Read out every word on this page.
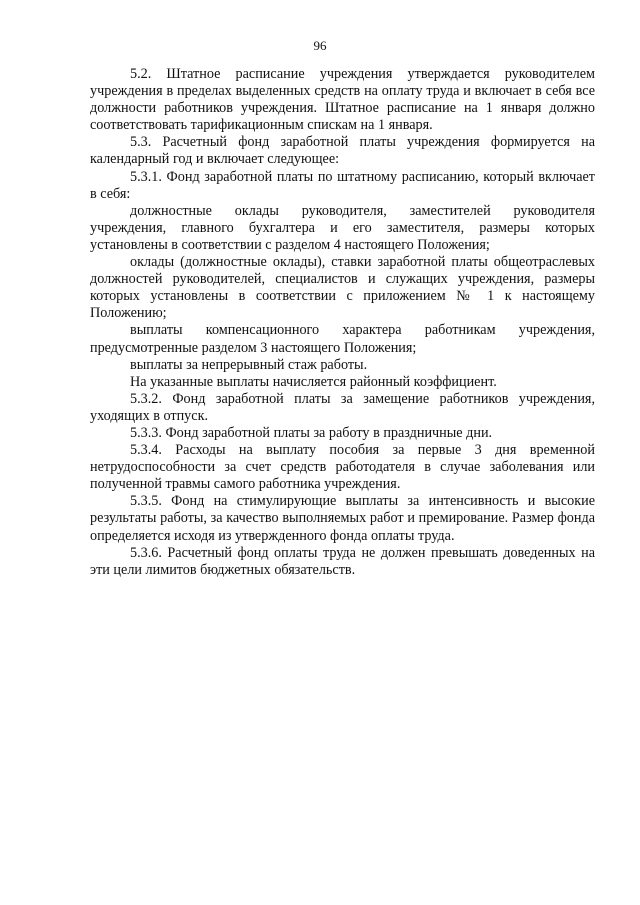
96

5.2. Штатное расписание учреждения утверждается руководителем учреждения в пределах выделенных средств на оплату труда и включает в себя все должности работников учреждения. Штатное расписание на 1 января должно соответствовать тарификационным спискам на 1 января.

5.3. Расчетный фонд заработной платы учреждения формируется на календарный год и включает следующее:

5.3.1. Фонд заработной платы по штатному расписанию, который включает в себя:

должностные оклады руководителя, заместителей руководителя учреждения, главного бухгалтера и его заместителя, размеры которых установлены в соответствии с разделом 4 настоящего Положения;

оклады (должностные оклады), ставки заработной платы общеотраслевых должностей руководителей, специалистов и служащих учреждения, размеры которых установлены в соответствии с приложением № 1 к настоящему Положению;

выплаты компенсационного характера работникам учреждения, предусмотренные разделом 3 настоящего Положения;

выплаты за непрерывный стаж работы.

На указанные выплаты начисляется районный коэффициент.

5.3.2. Фонд заработной платы за замещение работников учреждения, уходящих в отпуск.

5.3.3. Фонд заработной платы за работу в праздничные дни.

5.3.4. Расходы на выплату пособия за первые 3 дня временной нетрудоспособности за счет средств работодателя в случае заболевания или полученной травмы самого работника учреждения.

5.3.5. Фонд на стимулирующие выплаты за интенсивность и высокие результаты работы, за качество выполняемых работ и премирование. Размер фонда определяется исходя из утвержденного фонда оплаты труда.

5.3.6. Расчетный фонд оплаты труда не должен превышать доведенных на эти цели лимитов бюджетных обязательств.
